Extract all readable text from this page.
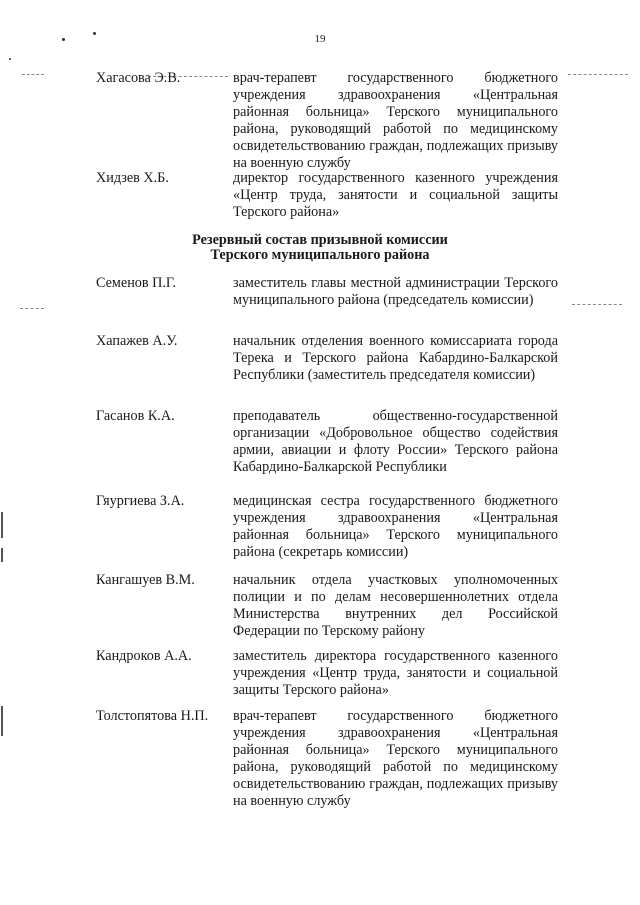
19
Хагасова Э.В.	врач-терапевт государственного бюджетного учреждения здравоохранения «Центральная районная больница» Терского муниципального района, руководящий работой по медицинскому освидетельствованию граждан, подлежащих призыву на военную службу
Хидзев Х.Б.	директор государственного казенного учреждения «Центр труда, занятости и социальной защиты Терского района»
Резервный состав призывной комиссии
Терского муниципального района
Семенов П.Г.	заместитель главы местной администрации Терского муниципального района (председатель комиссии)
Хапажев А.У.	начальник отделения военного комиссариата города Терека и Терского района Кабардино-Балкарской Республики (заместитель председателя комиссии)
Гасанов К.А.	преподаватель общественно-государственной организации «Добровольное общество содействия армии, авиации и флоту России» Терского района Кабардино-Балкарской Республики
Гяургиева З.А.	медицинская сестра государственного бюджетного учреждения здравоохранения «Центральная районная больница» Терского муниципального района (секретарь комиссии)
Кангашуев В.М.	начальник отдела участковых уполномоченных полиции и по делам несовершеннолетних отдела Министерства внутренних дел Российской Федерации по Терскому району
Кандроков А.А.	заместитель директора государственного казенного учреждения «Центр труда, занятости и социальной защиты Терского района»
Толстопятова Н.П. врач-терапевт государственного бюджетного учреждения здравоохранения «Центральная районная больница» Терского муниципального района, руководящий работой по медицинскому освидетельствованию граждан, подлежащих призыву на военную службу
